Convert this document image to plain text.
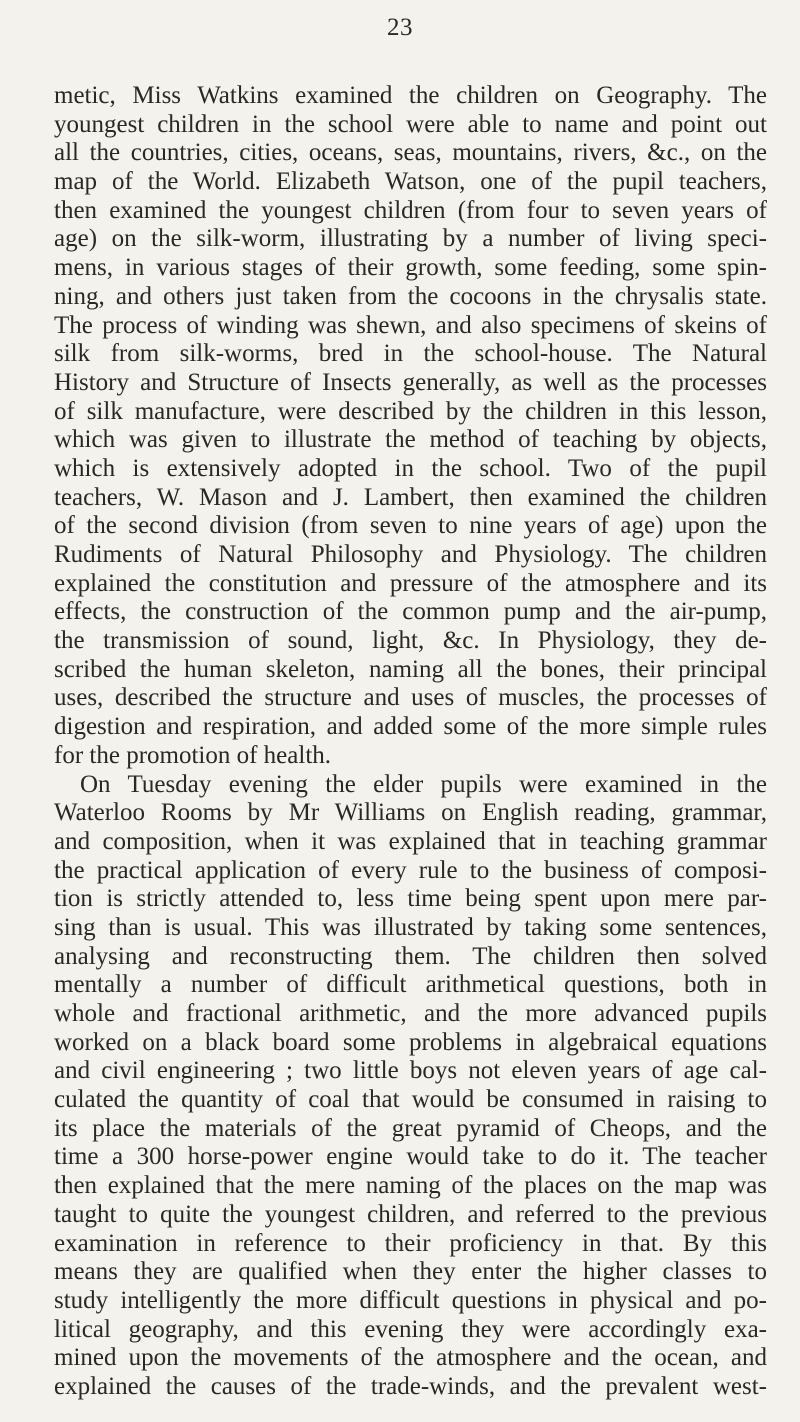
23
metic, Miss Watkins examined the children on Geography. The
youngest children in the school were able to name and point out
all the countries, cities, oceans, seas, mountains, rivers, &c., on the
map of the World. Elizabeth Watson, one of the pupil teachers,
then examined the youngest children (from four to seven years of
age) on the silk-worm, illustrating by a number of living speci-
mens, in various stages of their growth, some feeding, some spin-
ning, and others just taken from the cocoons in the chrysalis state.
The process of winding was shewn, and also specimens of skeins of
silk from silk-worms, bred in the school-house. The Natural
History and Structure of Insects generally, as well as the processes
of silk manufacture, were described by the children in this lesson,
which was given to illustrate the method of teaching by objects,
which is extensively adopted in the school. Two of the pupil
teachers, W. Mason and J. Lambert, then examined the children
of the second division (from seven to nine years of age) upon the
Rudiments of Natural Philosophy and Physiology. The children
explained the constitution and pressure of the atmosphere and its
effects, the construction of the common pump and the air-pump,
the transmission of sound, light, &c. In Physiology, they de-
scribed the human skeleton, naming all the bones, their principal
uses, described the structure and uses of muscles, the processes of
digestion and respiration, and added some of the more simple rules
for the promotion of health.
On Tuesday evening the elder pupils were examined in the
Waterloo Rooms by Mr Williams on English reading, grammar,
and composition, when it was explained that in teaching grammar
the practical application of every rule to the business of composi-
tion is strictly attended to, less time being spent upon mere par-
sing than is usual. This was illustrated by taking some sentences,
analysing and reconstructing them. The children then solved
mentally a number of difficult arithmetical questions, both in
whole and fractional arithmetic, and the more advanced pupils
worked on a black board some problems in algebraical equations
and civil engineering ; two little boys not eleven years of age cal-
culated the quantity of coal that would be consumed in raising to
its place the materials of the great pyramid of Cheops, and the
time a 300 horse-power engine would take to do it. The teacher
then explained that the mere naming of the places on the map was
taught to quite the youngest children, and referred to the previous
examination in reference to their proficiency in that. By this
means they are qualified when they enter the higher classes to
study intelligently the more difficult questions in physical and po-
litical geography, and this evening they were accordingly exa-
mined upon the movements of the atmosphere and the ocean, and
explained the causes of the trade-winds, and the prevalent west-
